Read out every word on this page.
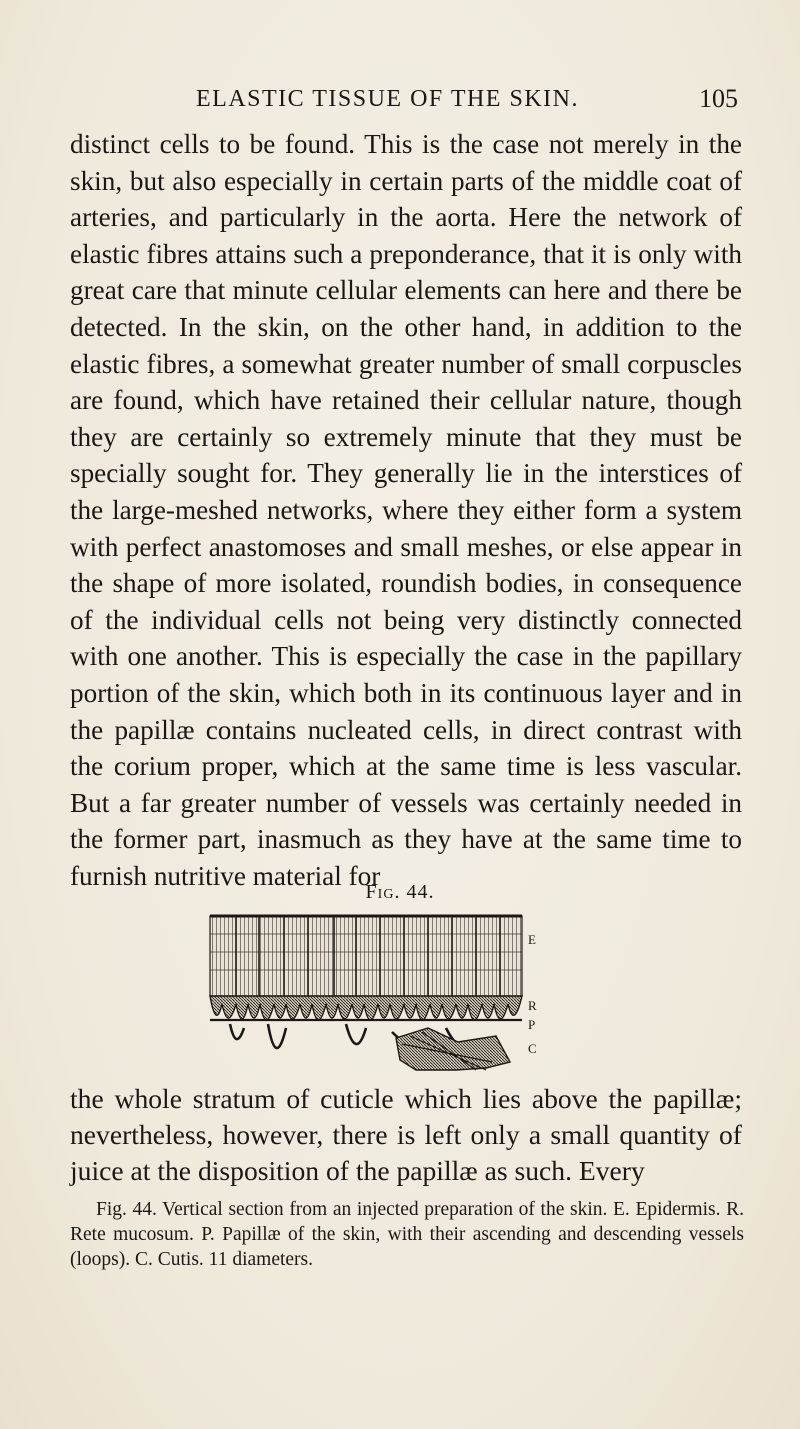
ELASTIC TISSUE OF THE SKIN.	105

distinct cells to be found. This is the case not merely in the skin, but also especially in certain parts of the middle coat of arteries, and particularly in the aorta. Here the network of elastic fibres attains such a preponderance, that it is only with great care that minute cellular elements can here and there be detected. In the skin, on the other hand, in addition to the elastic fibres, a somewhat greater number of small corpuscles are found, which have retained their cellular nature, though they are certainly so extremely minute that they must be specially sought for. They generally lie in the interstices of the large-meshed networks, where they either form a system with perfect anastomoses and small meshes, or else appear in the shape of more isolated, roundish bodies, in consequence of the individual cells not being very distinctly connected with one another. This is especially the case in the papillary portion of the skin, which both in its continuous layer and in the papillæ contains nucleated cells, in direct contrast with the corium proper, which at the same time is less vascular. But a far greater number of vessels was certainly needed in the former part, inasmuch as they have at the same time to furnish nutritive material for

Fig. 44.
E
R
P
C

the whole stratum of cuticle which lies above the papillæ; nevertheless, however, there is left only a small quantity of juice at the disposition of the papillæ as such. Every

Fig. 44. Vertical section from an injected preparation of the skin. E. Epidermis. R. Rete mucosum. P. Papillæ of the skin, with their ascending and descending vessels (loops). C. Cutis. 11 diameters.
